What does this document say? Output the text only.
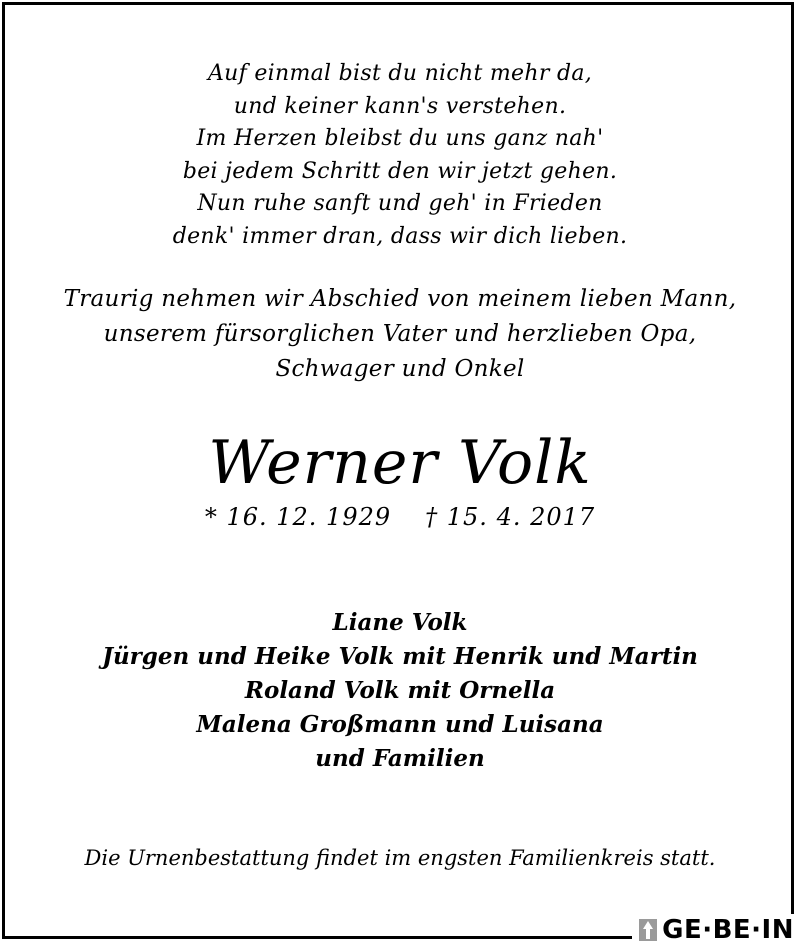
Auf einmal bist du nicht mehr da,
und keiner kann's verstehen.
Im Herzen bleibst du uns ganz nah'
bei jedem Schritt den wir jetzt gehen.
Nun ruhe sanft und geh' in Frieden
denk' immer dran, dass wir dich lieben.
Traurig nehmen wir Abschied von meinem lieben Mann,
unserem fürsorglichen Vater und herzlieben Opa,
Schwager und Onkel
Werner Volk
* 16. 12. 1929 † 15. 4. 2017
Liane Volk
Jürgen und Heike Volk mit Henrik und Martin
Roland Volk mit Ornella
Malena Großmann und Luisana
und Familien
Die Urnenbestattung findet im engsten Familienkreis statt.
GE·BE·IN
